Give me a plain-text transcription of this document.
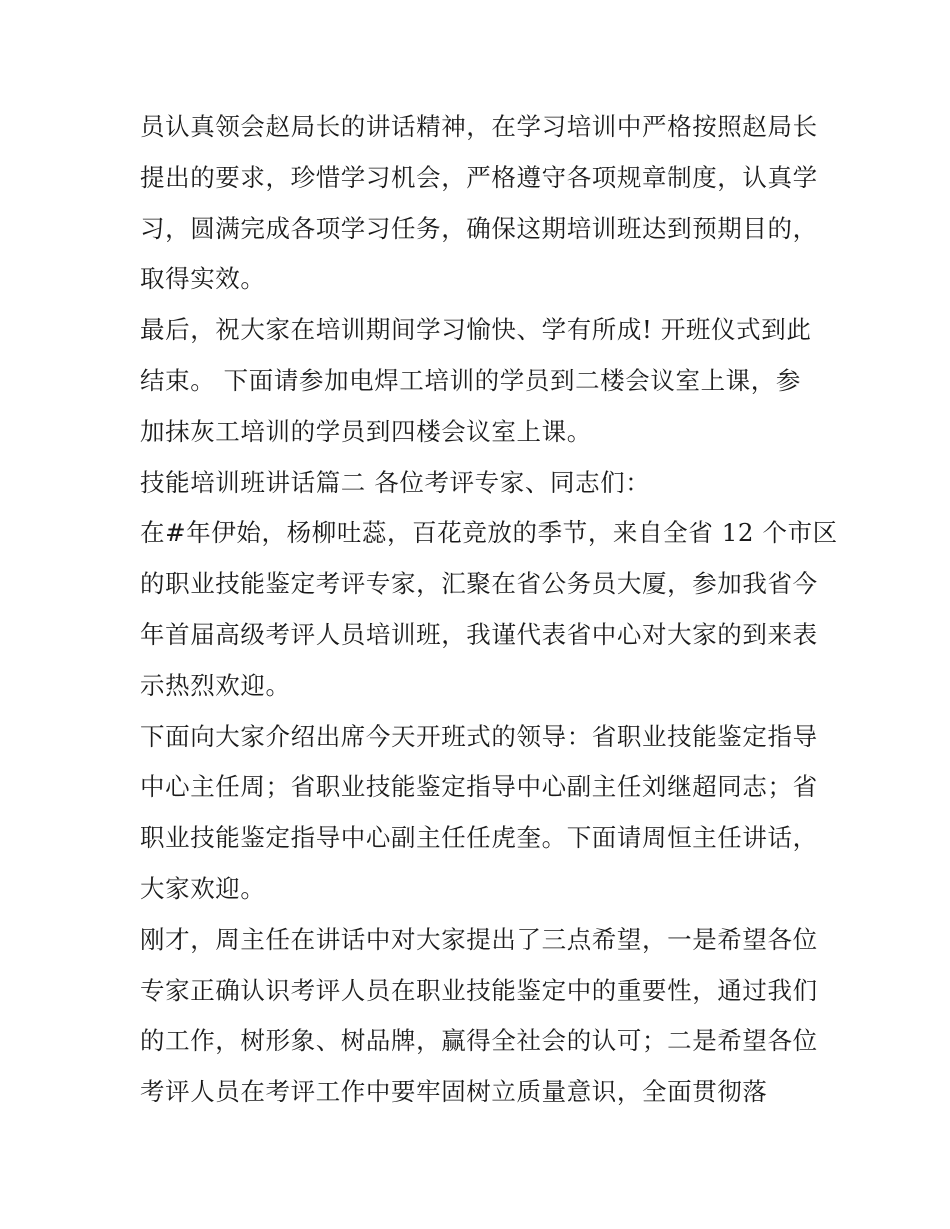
员认真领会赵局长的讲话精神，在学习培训中严格按照赵局长
提出的要求，珍惜学习机会，严格遵守各项规章制度，认真学
习，圆满完成各项学习任务，确保这期培训班达到预期目的，
取得实效。
最后，祝大家在培训期间学习愉快、学有所成! 开班仪式到此
结束。 下面请参加电焊工培训的学员到二楼会议室上课，参
加抹灰工培训的学员到四楼会议室上课。
技能培训班讲话篇二 各位考评专家、同志们：
在#年伊始，杨柳吐蕊，百花竞放的季节，来自全省 12 个市区
的职业技能鉴定考评专家，汇聚在省公务员大厦，参加我省今
年首届高级考评人员培训班，我谨代表省中心对大家的到来表
示热烈欢迎。
下面向大家介绍出席今天开班式的领导：省职业技能鉴定指导
中心主任周；省职业技能鉴定指导中心副主任刘继超同志；省
职业技能鉴定指导中心副主任任虎奎。下面请周恒主任讲话，
大家欢迎。
刚才，周主任在讲话中对大家提出了三点希望，一是希望各位
专家正确认识考评人员在职业技能鉴定中的重要性，通过我们
的工作，树形象、树品牌，赢得全社会的认可；二是希望各位
考评人员在考评工作中要牢固树立质量意识，全面贯彻落
